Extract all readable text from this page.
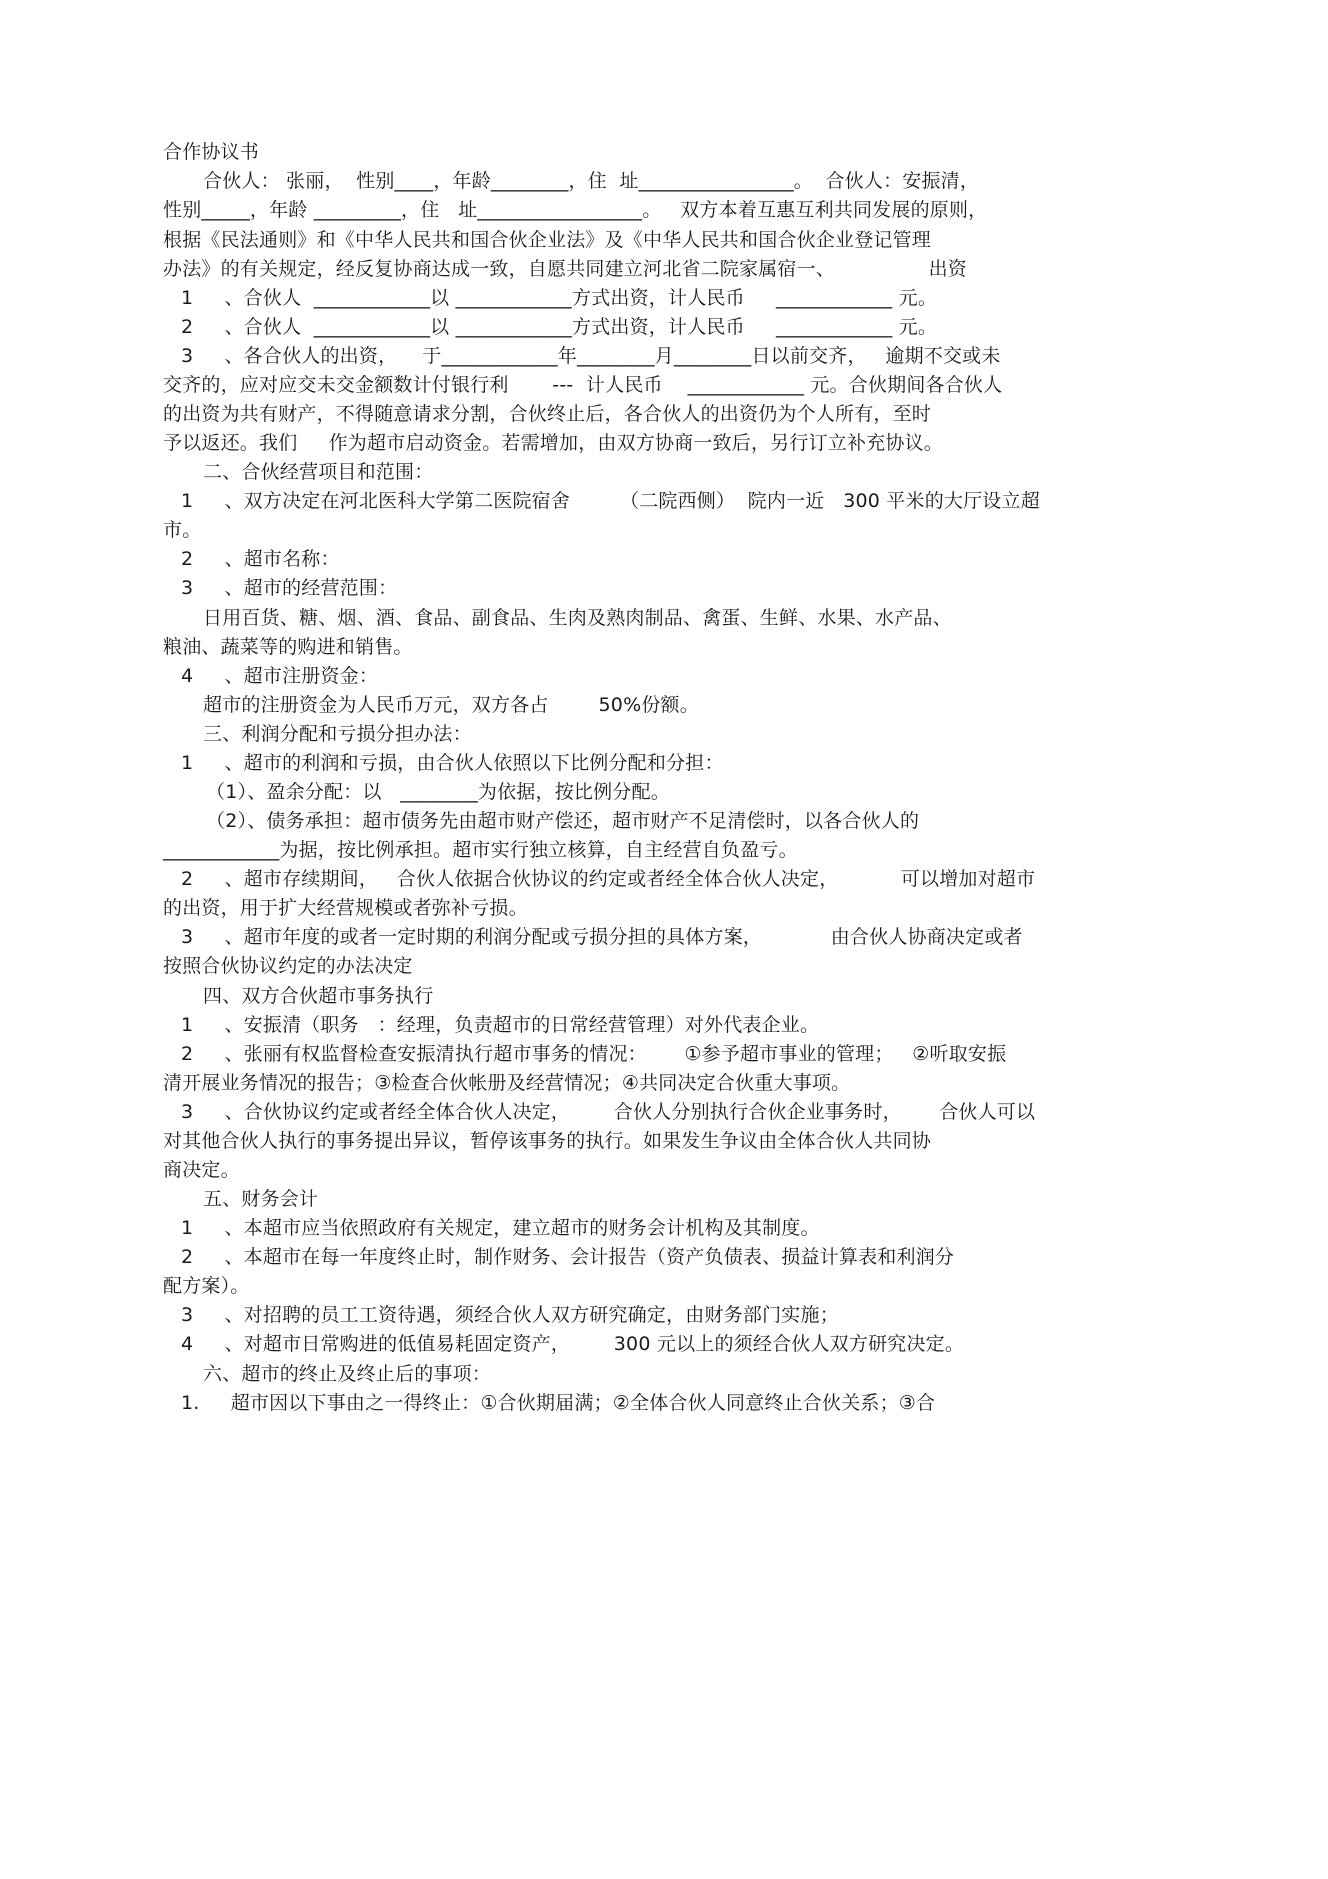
合作协议书
合伙人： 张丽，  性别____，年龄________，住  址________________。  合伙人：安振清，
性别_____，年龄 _________，住   址_________________。   双方本着互惠互利共同发展的原则，
根据《民法通则》和《中华人民共和国合伙企业法》及《中华人民共和国合伙企业登记管理
办法》的有关规定，经反复协商达成一致，自愿共同建立河北省二院家属宿一、               出资
1     、合伙人  ____________以 ____________方式出资，计人民币     ____________ 元。
2     、合伙人  ____________以 ____________方式出资，计人民币     ____________ 元。
3     、各合伙人的出资，    于____________年________月________日以前交齐，   逾期不交或未
交齐的，应对应交未交金额数计付银行利       ---  计人民币    ____________ 元。合伙期间各合伙人
的出资为共有财产，不得随意请求分割，合伙终止后，各合伙人的出资仍为个人所有，至时
予以返还。我们     作为超市启动资金。若需增加，由双方协商一致后，另行订立补充协议。
二、合伙经营项目和范围：
1     、双方决定在河北医科大学第二医院宿舍        （二院西侧）  院内一近   300 平米的大厅设立超
市。
2     、超市名称：
3     、超市的经营范围：
日用百货、糖、烟、酒、食品、副食品、生肉及熟肉制品、禽蛋、生鲜、水果、水产品、
粮油、蔬菜等的购进和销售。
4     、超市注册资金：
超市的注册资金为人民币万元，双方各占        50%份额。
三、利润分配和亏损分担办法：
1     、超市的利润和亏损，由合伙人依照以下比例分配和分担：
（1）、盈余分配：以   ________为依据，按比例分配。
（2）、债务承担：超市债务先由超市财产偿还，超市财产不足清偿时，以各合伙人的
____________为据，按比例承担。超市实行独立核算，自主经营自负盈亏。
2     、超市存续期间，   合伙人依据合伙协议的约定或者经全体合伙人决定，          可以增加对超市
的出资，用于扩大经营规模或者弥补亏损。
3     、超市年度的或者一定时期的利润分配或亏损分担的具体方案，           由合伙人协商决定或者
按照合伙协议约定的办法决定
四、双方合伙超市事务执行
1     、安振清（职务   ：经理，负责超市的日常经营管理）对外代表企业。
2     、张丽有权监督检查安振清执行超市事务的情况：      ①参予超市事业的管理；   ②听取安振
清开展业务情况的报告；③检查合伙帐册及经营情况；④共同决定合伙重大事项。
3     、合伙协议约定或者经全体合伙人决定，       合伙人分别执行合伙企业事务时，      合伙人可以
对其他合伙人执行的事务提出异议，暂停该事务的执行。如果发生争议由全体合伙人共同协
商决定。
五、财务会计
1     、本超市应当依照政府有关规定，建立超市的财务会计机构及其制度。
2     、本超市在每一年度终止时，制作财务、会计报告（资产负债表、损益计算表和利润分
配方案）。
3     、对招聘的员工工资待遇，须经合伙人双方研究确定，由财务部门实施；
4     、对超市日常购进的低值易耗固定资产，       300 元以上的须经合伙人双方研究决定。
六、超市的终止及终止后的事项：
1.     超市因以下事由之一得终止：①合伙期届满；②全体合伙人同意终止合伙关系；③合
